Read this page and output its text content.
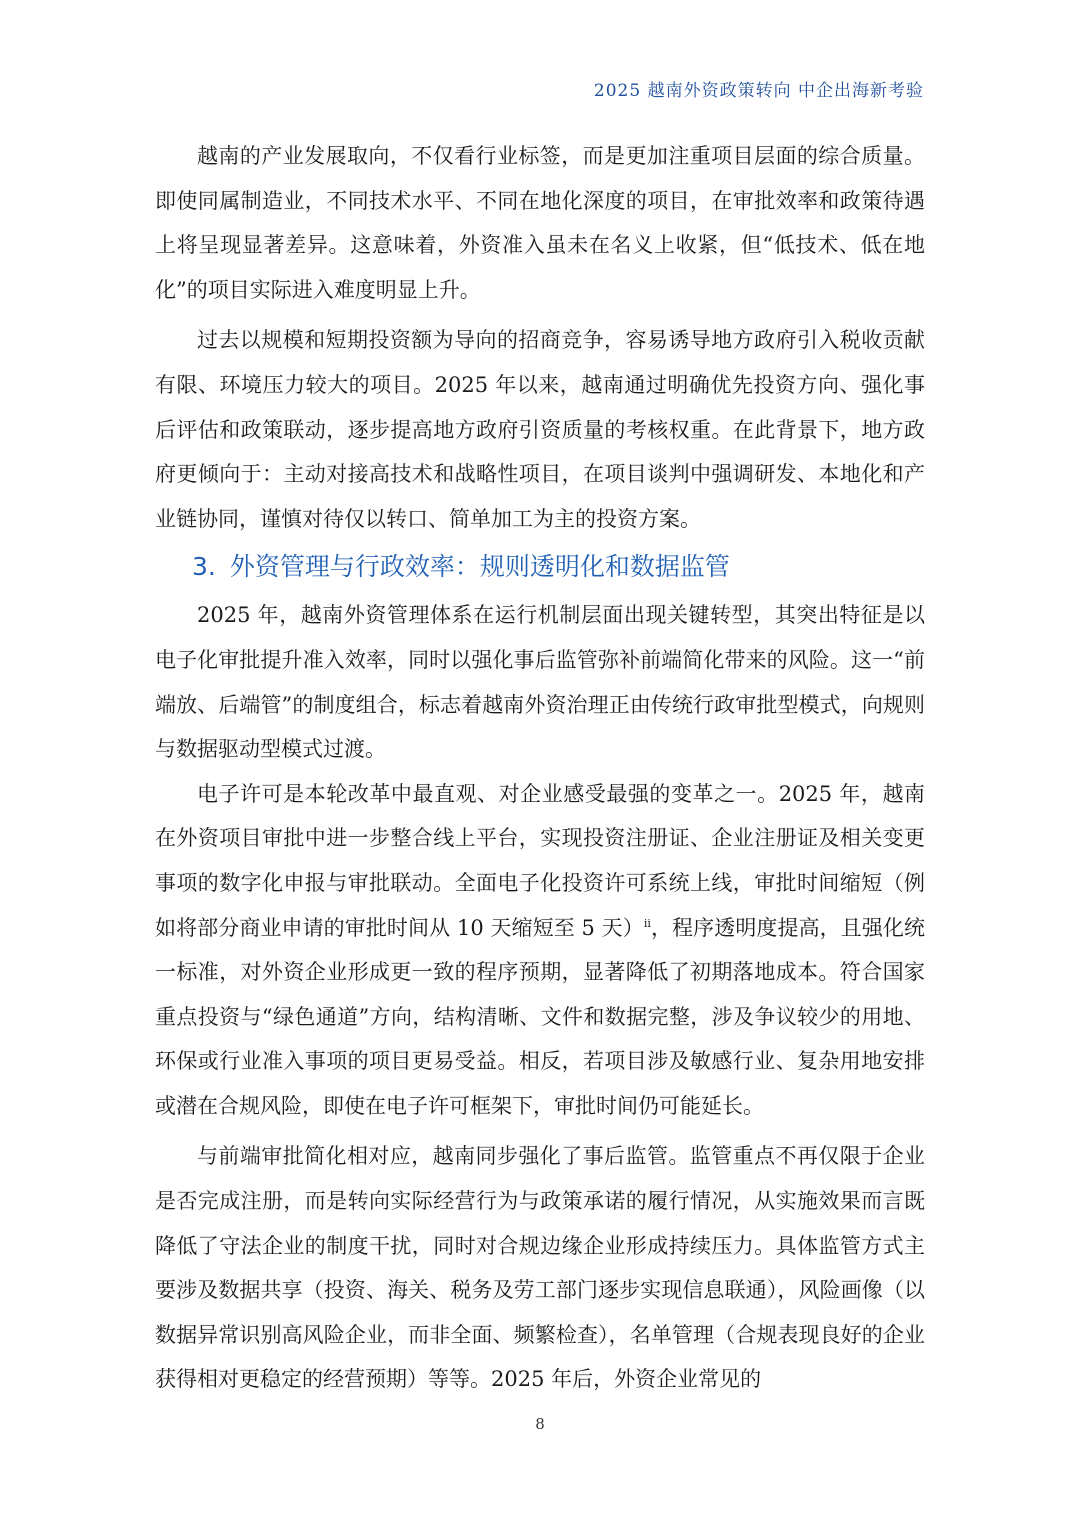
2025 越南外资政策转向 中企出海新考验

越南的产业发展取向，不仅看行业标签，而是更加注重项目层面的综合质量。即使同属制造业，不同技术水平、不同在地化深度的项目，在审批效率和政策待遇上将呈现显著差异。这意味着，外资准入虽未在名义上收紧，但“低技术、低在地化”的项目实际进入难度明显上升。

过去以规模和短期投资额为导向的招商竞争，容易诱导地方政府引入税收贡献有限、环境压力较大的项目。2025 年以来，越南通过明确优先投资方向、强化事后评估和政策联动，逐步提高地方政府引资质量的考核权重。在此背景下，地方政府更倾向于：主动对接高技术和战略性项目，在项目谈判中强调研发、本地化和产业链协同，谨慎对待仅以转口、简单加工为主的投资方案。

3. 外资管理与行政效率：规则透明化和数据监管

2025 年，越南外资管理体系在运行机制层面出现关键转型，其突出特征是以电子化审批提升准入效率，同时以强化事后监管弥补前端简化带来的风险。这一“前端放、后端管”的制度组合，标志着越南外资治理正由传统行政审批型模式，向规则与数据驱动型模式过渡。

电子许可是本轮改革中最直观、对企业感受最强的变革之一。2025 年，越南在外资项目审批中进一步整合线上平台，实现投资注册证、企业注册证及相关变更事项的数字化申报与审批联动。全面电子化投资许可系统上线，审批时间缩短（例如将部分商业申请的审批时间从 10 天缩短至 5 天）$^{ii}$，程序透明度提高，且强化统一标准，对外资企业形成更一致的程序预期，显著降低了初期落地成本。符合国家重点投资与“绿色通道”方向，结构清晰、文件和数据完整，涉及争议较少的用地、环保或行业准入事项的项目更易受益。相反，若项目涉及敏感行业、复杂用地安排或潜在合规风险，即使在电子许可框架下，审批时间仍可能延长。

与前端审批简化相对应，越南同步强化了事后监管。监管重点不再仅限于企业是否完成注册，而是转向实际经营行为与政策承诺的履行情况，从实施效果而言既降低了守法企业的制度干扰，同时对合规边缘企业形成持续压力。具体监管方式主要涉及数据共享（投资、海关、税务及劳工部门逐步实现信息联通），风险画像（以数据异常识别高风险企业，而非全面、频繁检查），名单管理（合规表现良好的企业获得相对更稳定的经营预期）等等。2025 年后，外资企业常见的

8
